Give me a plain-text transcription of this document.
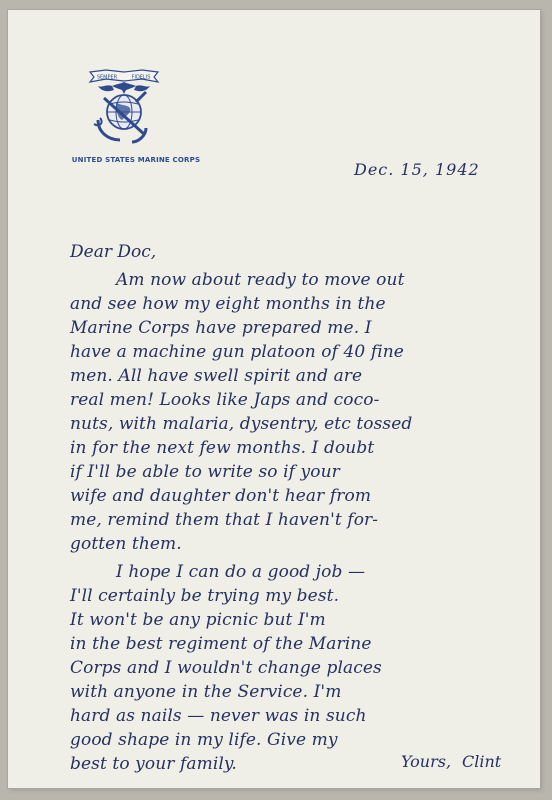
SEMPER	FIDELIS
UNITED STATES MARINE CORPS	Dec. 15, 1942
Dear Doc,
Am now about ready to move out
and see how my eight months in the
Marine Corps have prepared me. I
have a machine gun platoon of 40 fine
men. All have swell spirit and are
real men! Looks like Japs and coco-
nuts, with malaria, dysentry, etc tossed
in for the next few months. I doubt
if I'll be able to write so if your
wife and daughter don't hear from
me, remind them that I haven't for-
gotten them.
I hope I can do a good job —
I'll certainly be trying my best.
It won't be any picnic but I'm
in the best regiment of the Marine
Corps and I wouldn't change places
with anyone in the Service. I'm
hard as nails — never was in such
good shape in my life. Give my
best to your family.	Yours, Clint
